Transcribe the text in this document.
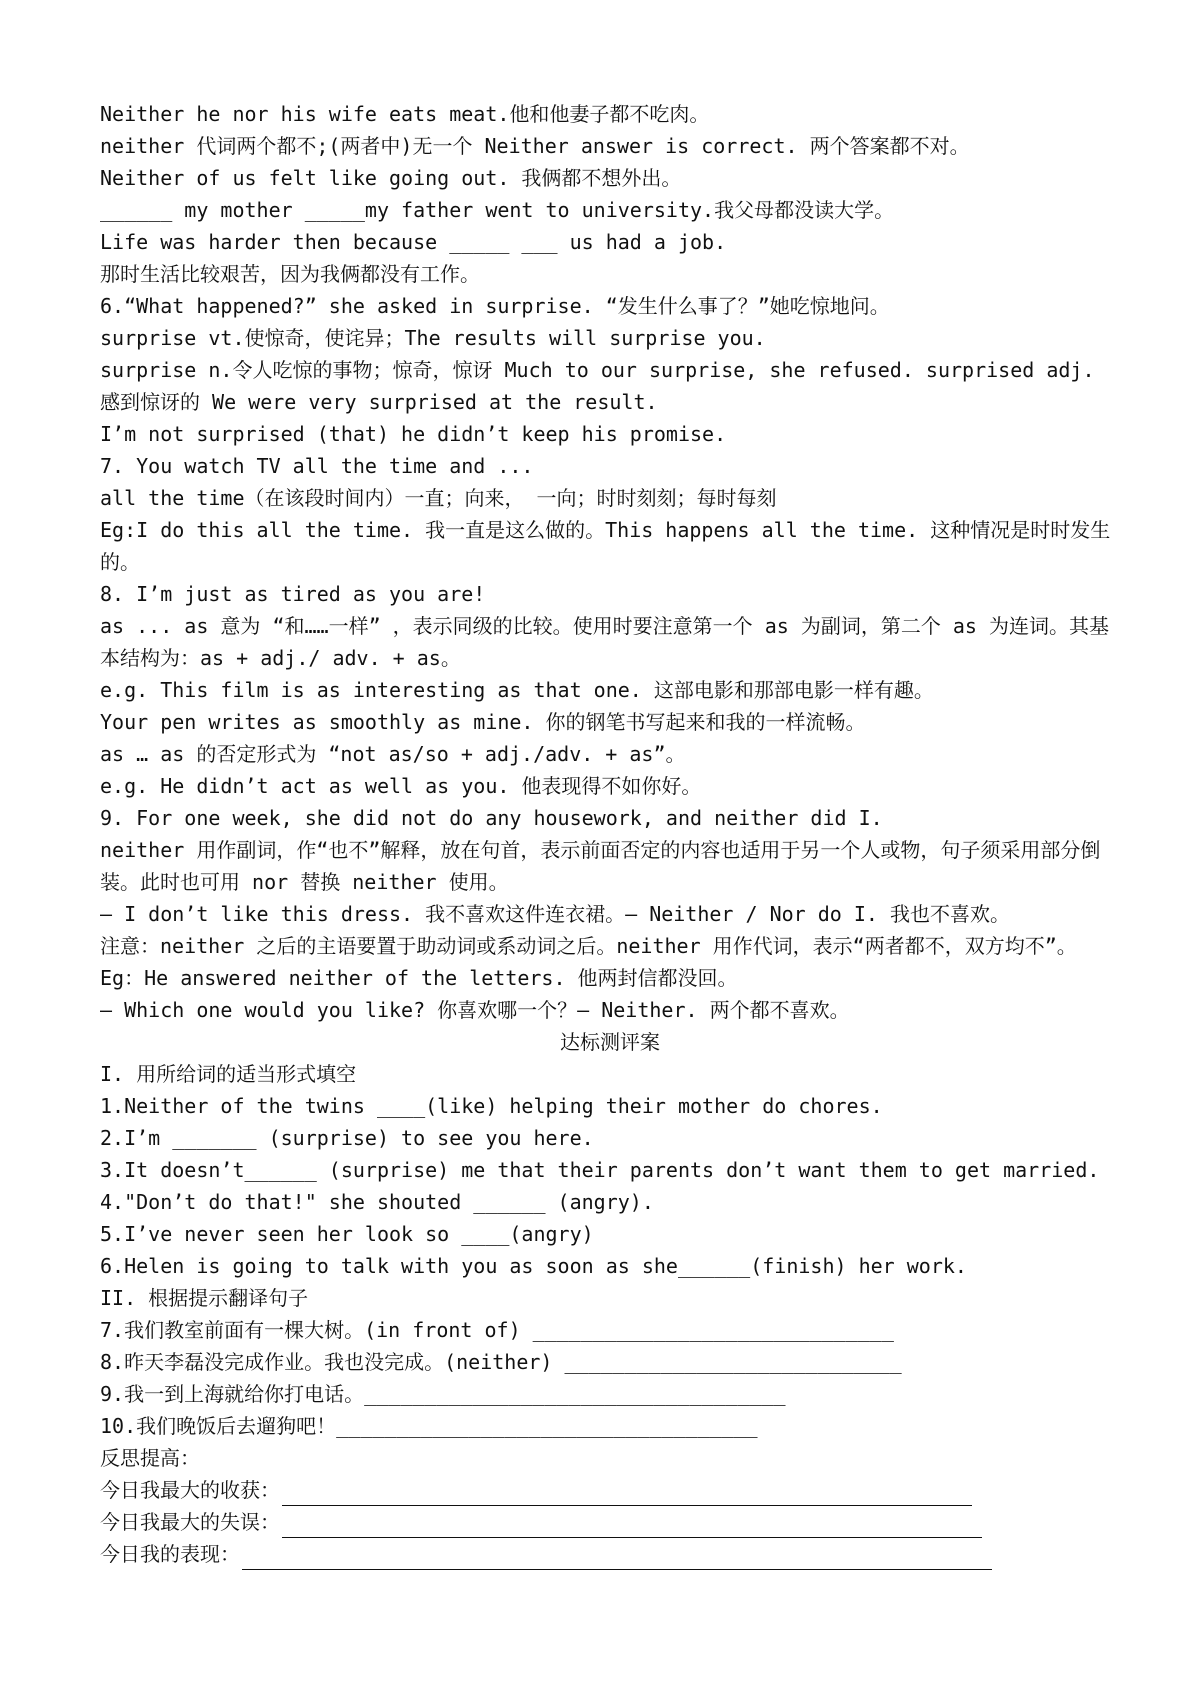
Neither he nor his wife eats meat.他和他妻子都不吃肉。
neither 代词两个都不;(两者中)无一个 Neither answer is correct. 两个答案都不对。
Neither of us felt like going out. 我俩都不想外出。
______ my mother _____my father went to university.我父母都没读大学。
Life was harder then because _____ ___ us had a job.
那时生活比较艰苦，因为我俩都没有工作。
6.“What happened?” she asked in surprise. “发生什么事了？”她吃惊地问。
surprise vt.使惊奇，使诧异；The results will surprise you.
surprise n.令人吃惊的事物；惊奇，惊讶 Much to our surprise, she refused. surprised adj. 感到惊讶的 We were very surprised at the result.
I’m not surprised (that) he didn’t keep his promise.
7. You watch TV all the time and ...
all the time（在该段时间内）一直；向来， 一向；时时刻刻；每时每刻
Eg:I do this all the time. 我一直是这么做的。This happens all the time. 这种情况是时时发生的。
8. I’m just as tired as you are!
as ... as 意为 “和……一样” ，表示同级的比较。使用时要注意第一个 as 为副词，第二个 as 为连词。其基本结构为：as + adj./ adv. + as。
e.g. This film is as interesting as that one. 这部电影和那部电影一样有趣。
Your pen writes as smoothly as mine. 你的钢笔书写起来和我的一样流畅。
as … as 的否定形式为 “not as/so + adj./adv. + as”。
e.g. He didn’t act as well as you. 他表现得不如你好。
9. For one week, she did not do any housework, and neither did I.
neither 用作副词，作“也不”解释，放在句首，表示前面否定的内容也适用于另一个人或物，句子须采用部分倒装。此时也可用 nor 替换 neither 使用。
— I don’t like this dress. 我不喜欢这件连衣裙。— Neither / Nor do I. 我也不喜欢。
注意：neither 之后的主语要置于助动词或系动词之后。neither 用作代词，表示“两者都不，双方均不”。Eg：He answered neither of the letters. 他两封信都没回。
— Which one would you like? 你喜欢哪一个？— Neither. 两个都不喜欢。
达标测评案
I. 用所给词的适当形式填空
1.Neither of the twins ____(like) helping their mother do chores.
2.I’m _______ (surprise) to see you here.
3.It doesn’t______ (surprise) me that their parents don’t want them to get married.
4."Don’t do that!" she shouted ______ (angry).
5.I’ve never seen her look so ____(angry)
6.Helen is going to talk with you as soon as she______(finish) her work.
II. 根据提示翻译句子
7.我们教室前面有一棵大树。(in front of) ______________________________
8.昨天李磊没完成作业。我也没完成。(neither) ____________________________
9.我一到上海就给你打电话。___________________________________
10.我们晚饭后去遛狗吧！___________________________________
反思提高：
今日我最大的收获：
今日我最大的失误：
今日我的表现：
